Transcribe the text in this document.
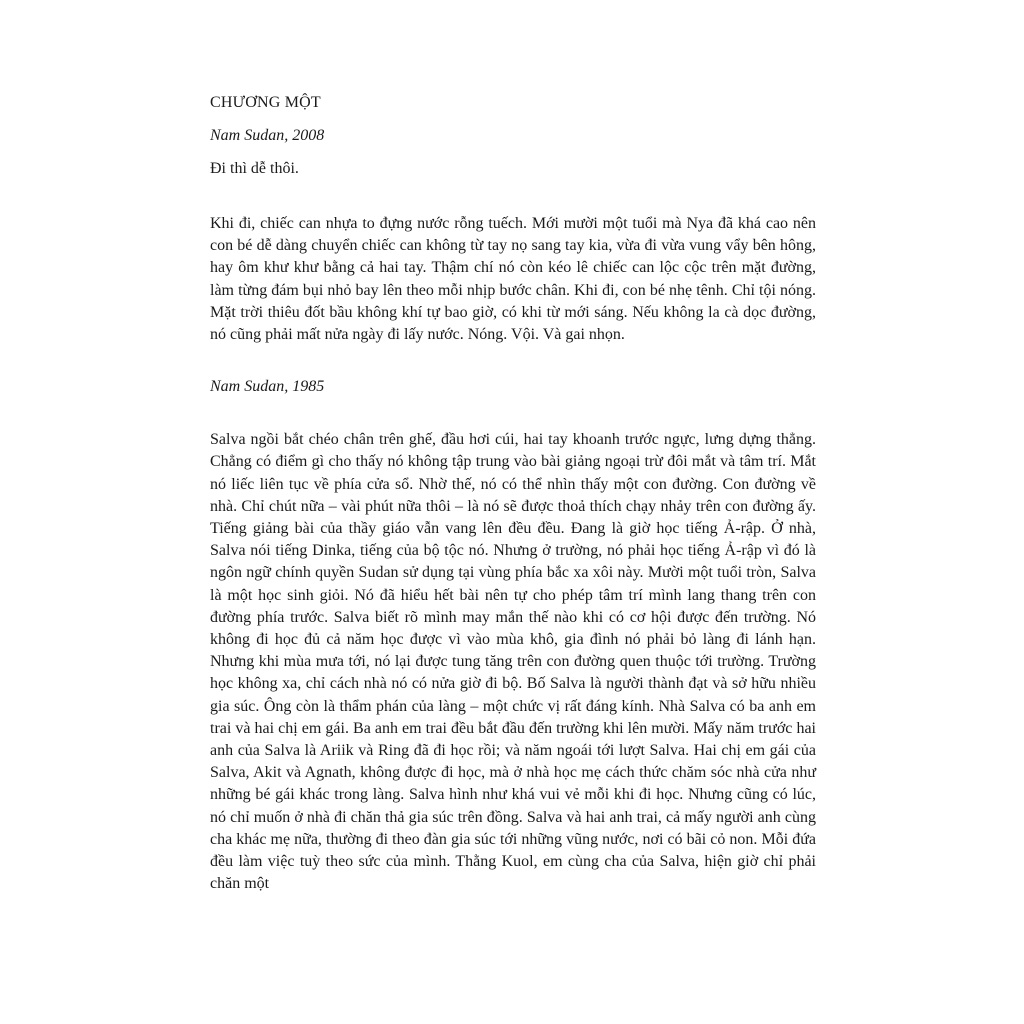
CHƯƠNG MỘT

Nam Sudan, 2008

Đi thì dễ thôi.

Khi đi, chiếc can nhựa to đựng nước rỗng tuếch. Mới mười một tuổi mà Nya đã khá cao nên con bé dễ dàng chuyển chiếc can không từ tay nọ sang tay kia, vừa đi vừa vung vẩy bên hông, hay ôm khư khư bằng cả hai tay. Thậm chí nó còn kéo lê chiếc can lộc cộc trên mặt đường, làm từng đám bụi nhỏ bay lên theo mỗi nhịp bước chân. Khi đi, con bé nhẹ tênh. Chỉ tội nóng. Mặt trời thiêu đốt bầu không khí tự bao giờ, có khi từ mới sáng. Nếu không la cà dọc đường, nó cũng phải mất nửa ngày đi lấy nước. Nóng. Vội. Và gai nhọn.

Nam Sudan, 1985

Salva ngồi bắt chéo chân trên ghế, đầu hơi cúi, hai tay khoanh trước ngực, lưng dựng thẳng. Chẳng có điểm gì cho thấy nó không tập trung vào bài giảng ngoại trừ đôi mắt và tâm trí. Mắt nó liếc liên tục về phía cửa sổ. Nhờ thế, nó có thể nhìn thấy một con đường. Con đường về nhà. Chỉ chút nữa – vài phút nữa thôi – là nó sẽ được thoả thích chạy nhảy trên con đường ấy. Tiếng giảng bài của thầy giáo vẫn vang lên đều đều. Đang là giờ học tiếng Ả-rập. Ở nhà, Salva nói tiếng Dinka, tiếng của bộ tộc nó. Nhưng ở trường, nó phải học tiếng Ả-rập vì đó là ngôn ngữ chính quyền Sudan sử dụng tại vùng phía bắc xa xôi này. Mười một tuổi tròn, Salva là một học sinh giỏi. Nó đã hiểu hết bài nên tự cho phép tâm trí mình lang thang trên con đường phía trước. Salva biết rõ mình may mắn thế nào khi có cơ hội được đến trường. Nó không đi học đủ cả năm học được vì vào mùa khô, gia đình nó phải bỏ làng đi lánh hạn. Nhưng khi mùa mưa tới, nó lại được tung tăng trên con đường quen thuộc tới trường. Trường học không xa, chỉ cách nhà nó có nửa giờ đi bộ. Bố Salva là người thành đạt và sở hữu nhiều gia súc. Ông còn là thẩm phán của làng – một chức vị rất đáng kính. Nhà Salva có ba anh em trai và hai chị em gái. Ba anh em trai đều bắt đầu đến trường khi lên mười. Mấy năm trước hai anh của Salva là Ariik và Ring đã đi học rồi; và năm ngoái tới lượt Salva. Hai chị em gái của Salva, Akit và Agnath, không được đi học, mà ở nhà học mẹ cách thức chăm sóc nhà cửa như những bé gái khác trong làng. Salva hình như khá vui vẻ mỗi khi đi học. Nhưng cũng có lúc, nó chỉ muốn ở nhà đi chăn thả gia súc trên đồng. Salva và hai anh trai, cả mấy người anh cùng cha khác mẹ nữa, thường đi theo đàn gia súc tới những vũng nước, nơi có bãi cỏ non. Mỗi đứa đều làm việc tuỳ theo sức của mình. Thằng Kuol, em cùng cha của Salva, hiện giờ chỉ phải chăn một
